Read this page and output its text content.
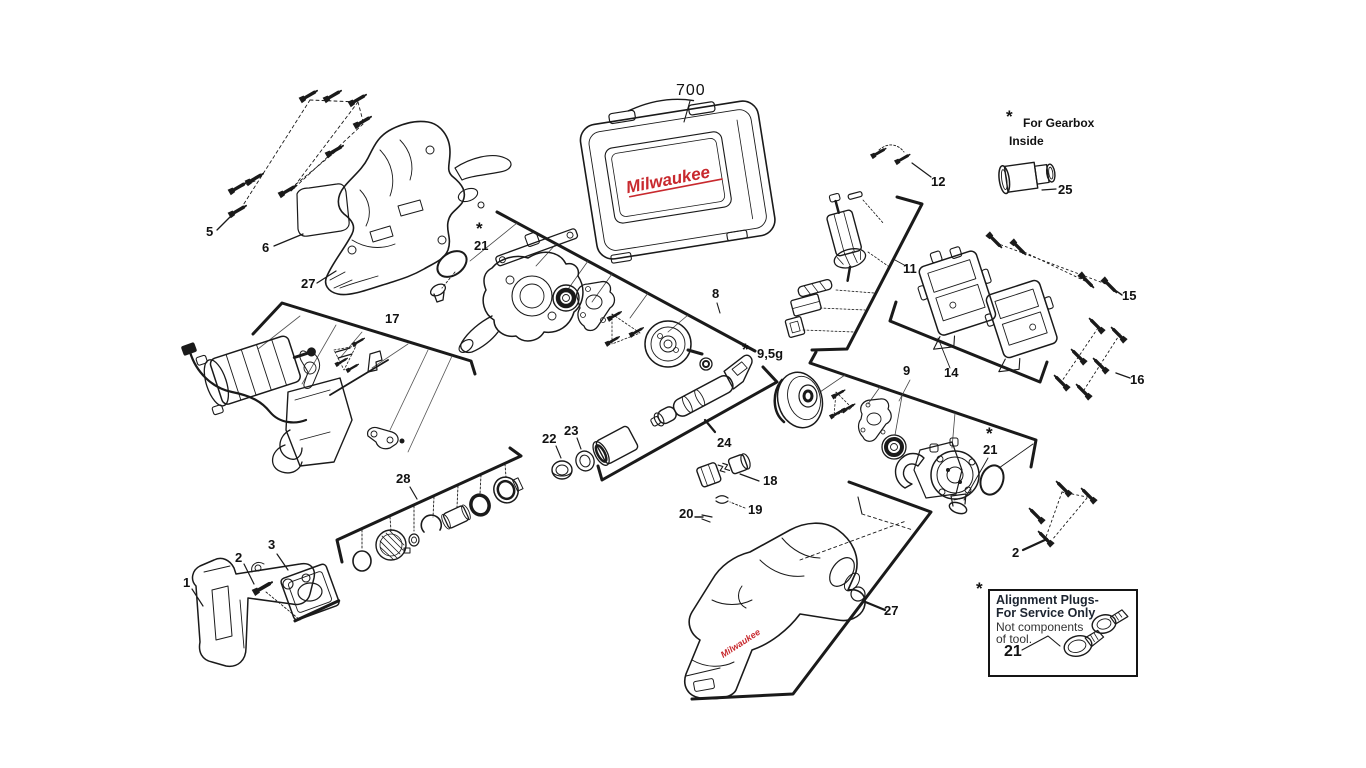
Milwaukee
Milwaukee
700
5
6
27
17
28
1
2
3
22
23
24
18
19
20
8
* 9,5g
11
12
9	14
15
16
*
21
*
21
2
27
25
* For Gearbox
Inside
*
Alignment Plugs-
For Service Only
Not components
of tool.
21
